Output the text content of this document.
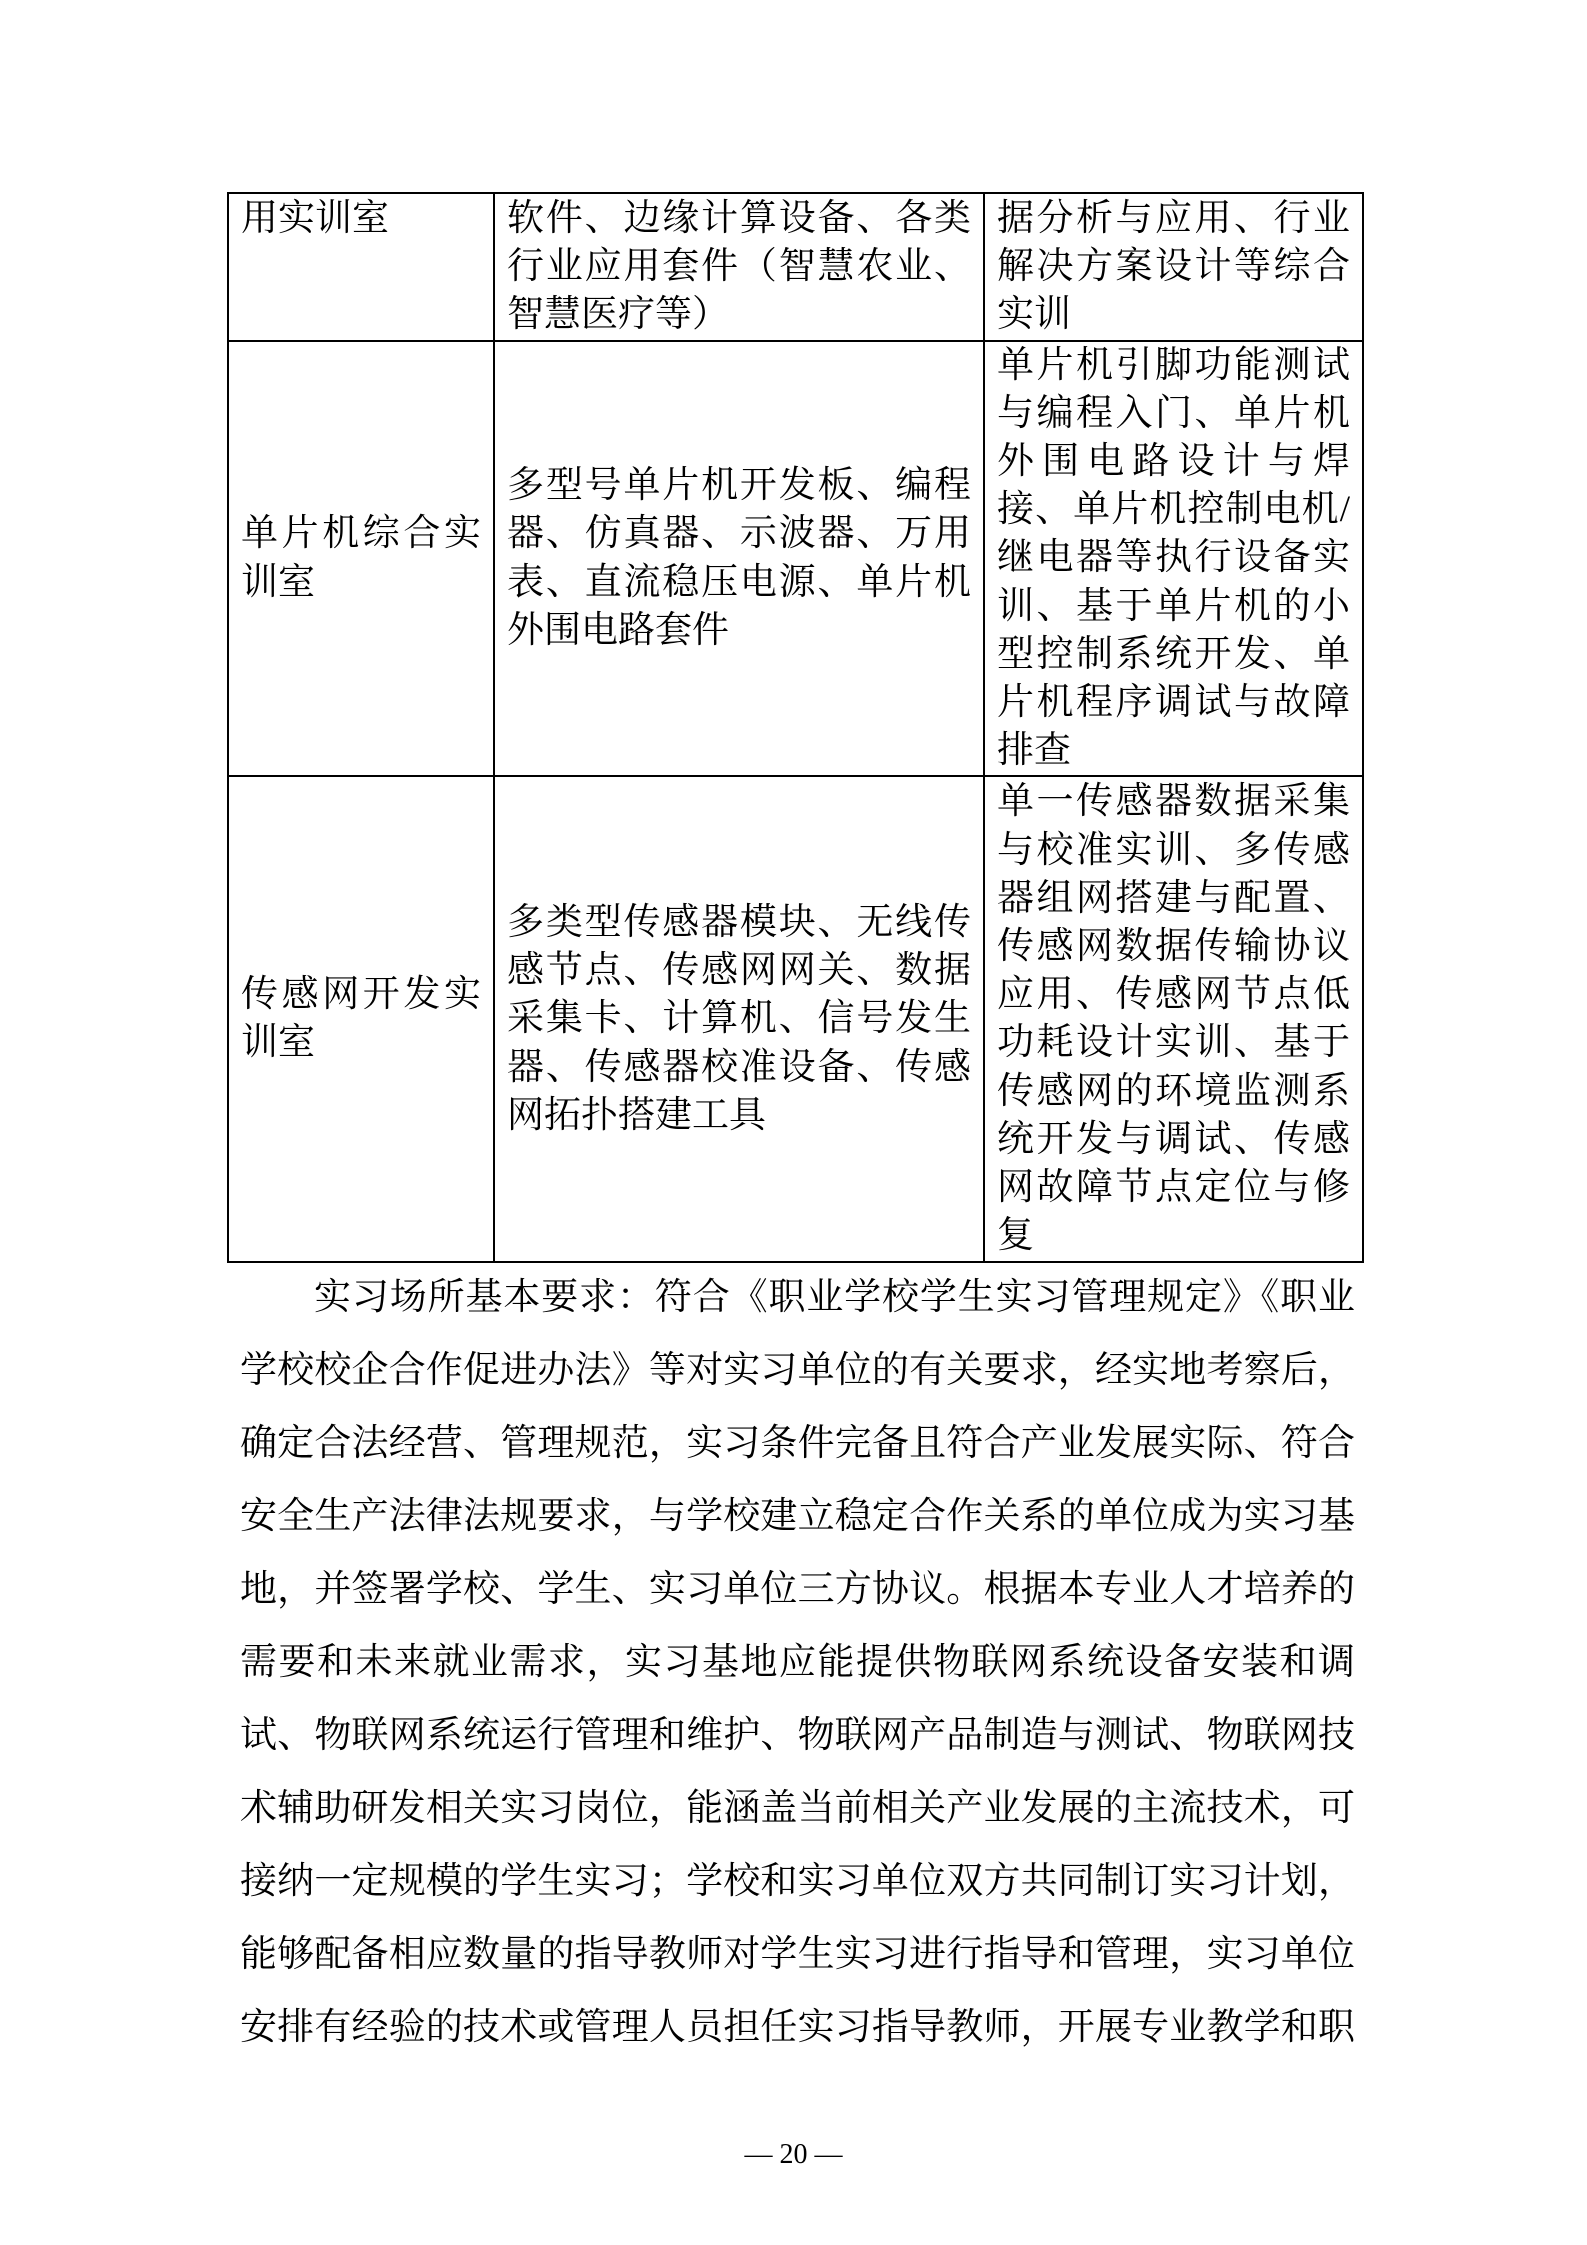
用实训室	软件、边缘计算设备、各类行业应用套件（智慧农业、智慧医疗等）	据分析与应用、行业解决方案设计等综合实训
单片机综合实训室	多型号单片机开发板、编程器、仿真器、示波器、万用表、直流稳压电源、单片机外围电路套件	单片机引脚功能测试与编程入门、单片机外围电路设计与焊接、单片机控制电机/继电器等执行设备实训、基于单片机的小型控制系统开发、单片机程序调试与故障排查
传感网开发实训室	多类型传感器模块、无线传感节点、传感网网关、数据采集卡、计算机、信号发生器、传感器校准设备、传感网拓扑搭建工具	单一传感器数据采集与校准实训、多传感器组网搭建与配置、传感网数据传输协议应用、传感网节点低功耗设计实训、基于传感网的环境监测系统开发与调试、传感网故障节点定位与修复
实习场所基本要求：符合《职业学校学生实习管理规定》《职业
学校校企合作促进办法》等对实习单位的有关要求，经实地考察后，
确定合法经营、管理规范，实习条件完备且符合产业发展实际、符合
安全生产法律法规要求，与学校建立稳定合作关系的单位成为实习基
地，并签署学校、学生、实习单位三方协议。根据本专业人才培养的
需要和未来就业需求，实习基地应能提供物联网系统设备安装和调
试、物联网系统运行管理和维护、物联网产品制造与测试、物联网技
术辅助研发相关实习岗位，能涵盖当前相关产业发展的主流技术，可
接纳一定规模的学生实习；学校和实习单位双方共同制订实习计划，
能够配备相应数量的指导教师对学生实习进行指导和管理，实习单位
安排有经验的技术或管理人员担任实习指导教师，开展专业教学和职
— 20 —
